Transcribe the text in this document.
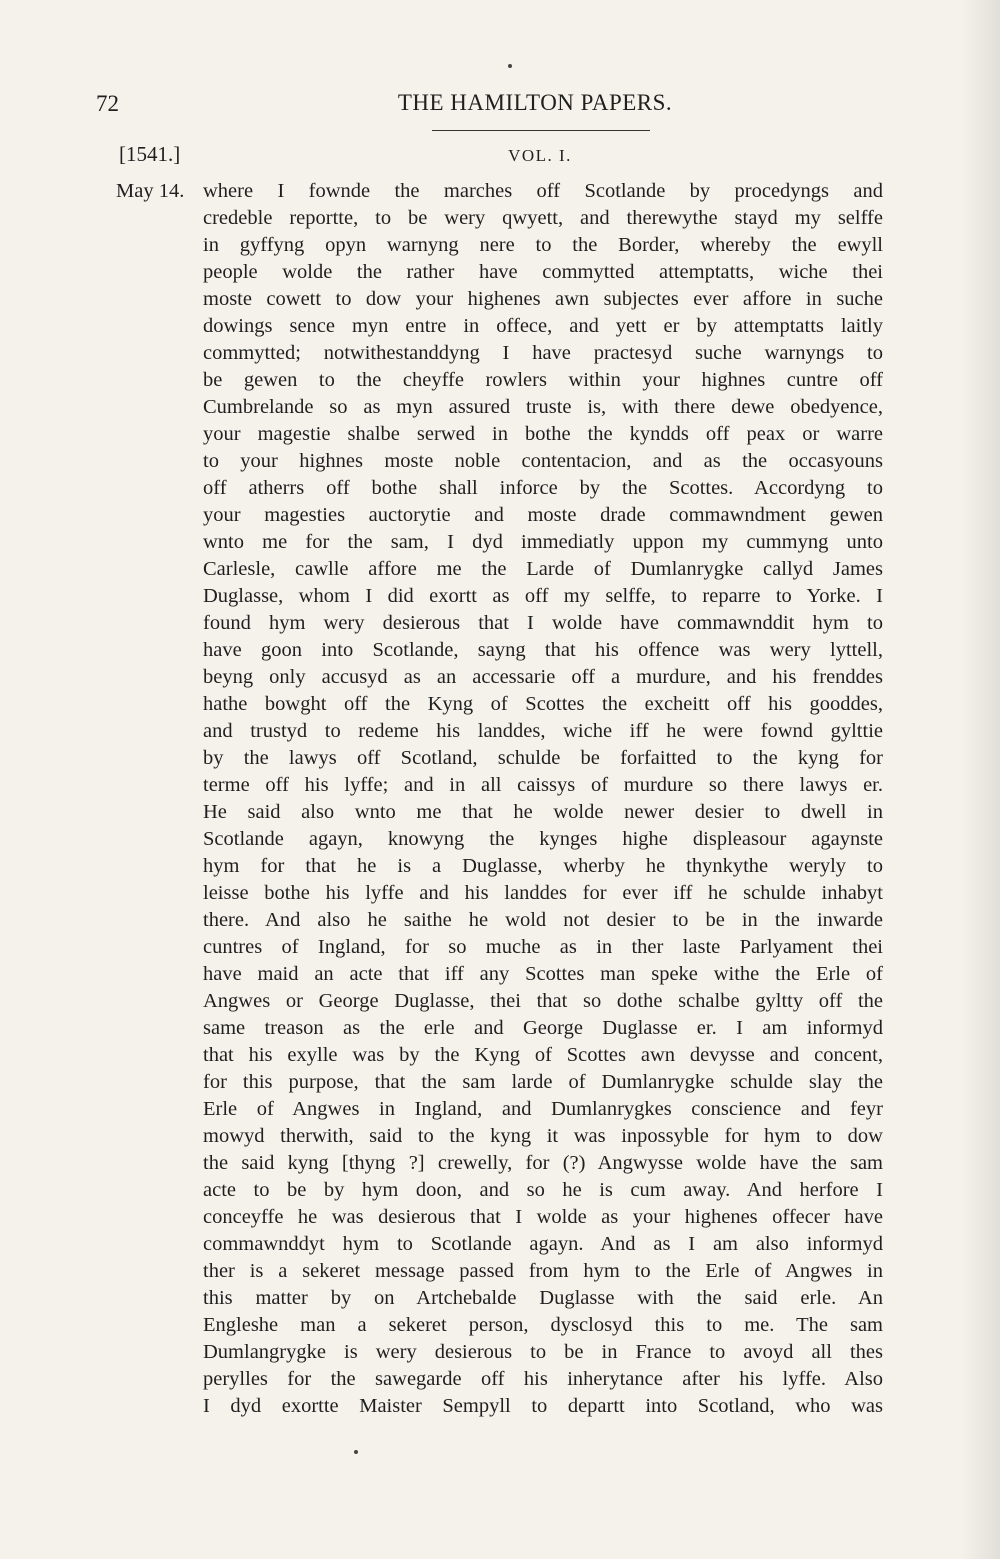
72	THE HAMILTON PAPERS.
[1541.]	VOL. I.
May 14. where I fownde the marches off Scotlande by procedyngs and
credeble reportte, to be wery qwyett, and therewythe stayd my selffe
in gyffyng opyn warnyng nere to the Border, whereby the ewyll
people wolde the rather have commytted attemptatts, wiche thei
moste cowett to dow your highenes awn subjectes ever affore in suche
dowings sence myn entre in offece, and yett er by attemptatts laitly
commytted; notwithestanddyng I have practesyd suche warnyngs to
be gewen to the cheyffe rowlers within your highnes cuntre off
Cumbrelande so as myn assured truste is, with there dewe obedyence,
your magestie shalbe serwed in bothe the kyndds off peax or warre
to your highnes moste noble contentacion, and as the occasyouns
off atherrs off bothe shall inforce by the Scottes. Accordyng to
your magesties auctorytie and moste drade commawndment gewen
wnto me for the sam, I dyd immediatly uppon my cummyng unto
Carlesle, cawlle affore me the Larde of Dumlanrygke callyd James
Duglasse, whom I did exortt as off my selffe, to reparre to Yorke. I
found hym wery desierous that I wolde have commawnddit hym to
have goon into Scotlande, sayng that his offence was wery lyttell,
beyng only accusyd as an accessarie off a murdure, and his frenddes
hathe bowght off the Kyng of Scottes the excheitt off his gooddes,
and trustyd to redeme his landdes, wiche iff he were fownd gylttie
by the lawys off Scotland, schulde be forfaitted to the kyng for
terme off his lyffe; and in all caissys of murdure so there lawys er.
He said also wnto me that he wolde newer desier to dwell in
Scotlande agayn, knowyng the kynges highe displeasour agaynste
hym for that he is a Duglasse, wherby he thynkythe weryly to
leisse bothe his lyffe and his landdes for ever iff he schulde inhabyt
there. And also he saithe he wold not desier to be in the inwarde
cuntres of Ingland, for so muche as in ther laste Parlyament thei
have maid an acte that iff any Scottes man speke withe the Erle of
Angwes or George Duglasse, thei that so dothe schalbe gyltty off the
same treason as the erle and George Duglasse er. I am informyd
that his exylle was by the Kyng of Scottes awn devysse and concent,
for this purpose, that the sam larde of Dumlanrygke schulde slay the
Erle of Angwes in Ingland, and Dumlanrygkes conscience and feyr
mowyd therwith, said to the kyng it was inpossyble for hym to dow
the said kyng [thyng ?] crewelly, for (?) Angwysse wolde have the sam
acte to be by hym doon, and so he is cum away. And herfore I
conceyffe he was desierous that I wolde as your highenes offecer have
commawnddyt hym to Scotlande agayn. And as I am also informyd
ther is a sekeret message passed from hym to the Erle of Angwes in
this matter by on Artchebalde Duglasse with the said erle. An
Engleshe man a sekeret person, dysclosyd this to me. The sam
Dumlangrygke is wery desierous to be in France to avoyd all thes
perylles for the sawegarde off his inherytance after his lyffe. Also
I dyd exortte Maister Sempyll to departt into Scotland, who was
